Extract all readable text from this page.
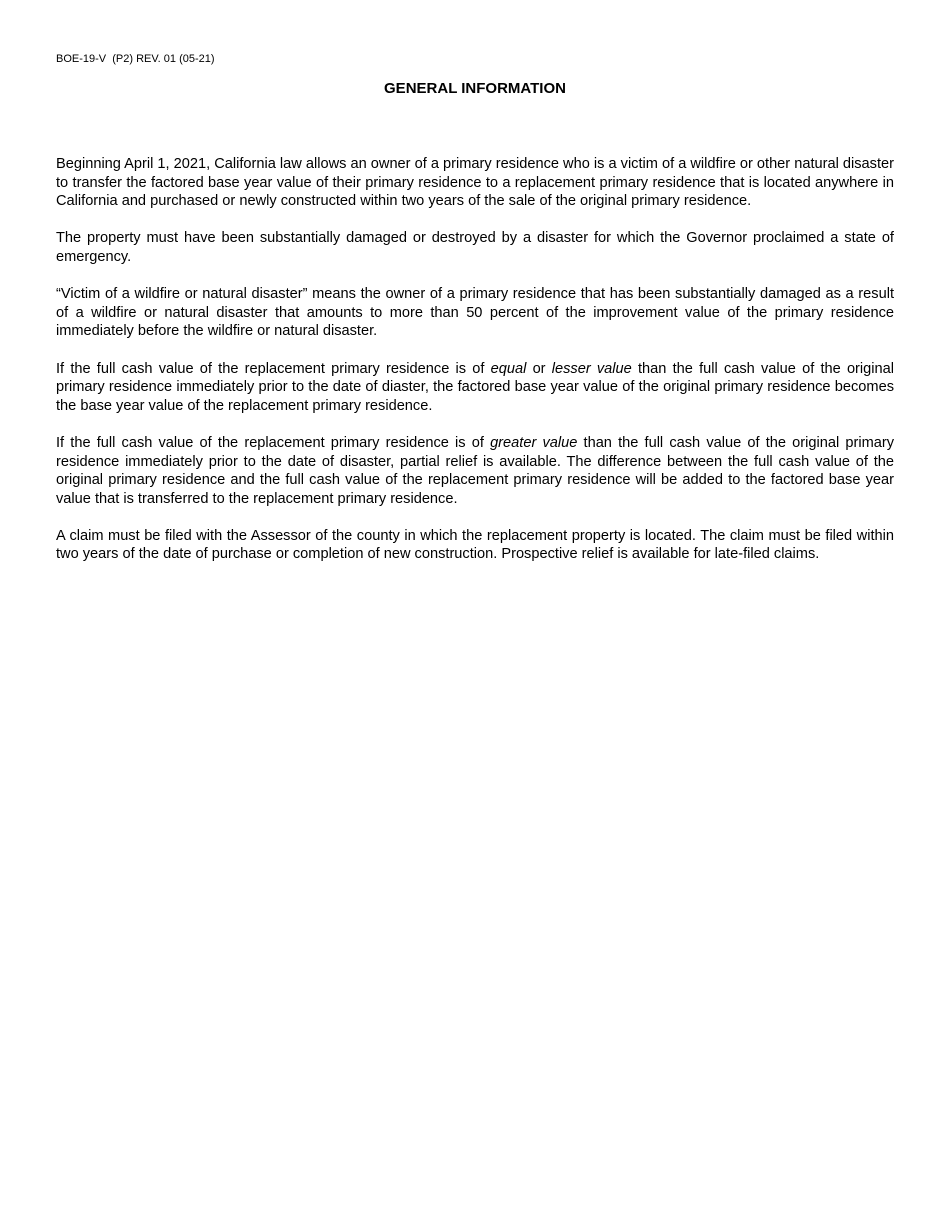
BOE-19-V  (P2) REV. 01 (05-21)
GENERAL INFORMATION

Beginning April 1, 2021, California law allows an owner of a primary residence who is a victim of a wildfire or other natural disaster to transfer the factored base year value of their primary residence to a replacement primary residence that is located anywhere in California and purchased or newly constructed within two years of the sale of the original primary residence.

The property must have been substantially damaged or destroyed by a disaster for which the Governor proclaimed a state of emergency.

“Victim of a wildfire or natural disaster” means the owner of a primary residence that has been substantially damaged as a result of a wildfire or natural disaster that amounts to more than 50 percent of the improvement value of the primary residence immediately before the wildfire or natural disaster.

If the full cash value of the replacement primary residence is of equal or lesser value than the full cash value of the original primary residence immediately prior to the date of diaster, the factored base year value of the original primary residence becomes the base year value of the replacement primary residence.

If the full cash value of the replacement primary residence is of greater value than the full cash value of the original primary residence immediately prior to the date of disaster, partial relief is available. The difference between the full cash value of the original primary residence and the full cash value of the replacement primary residence will be added to the factored base year value that is transferred to the replacement primary residence.

A claim must be filed with the Assessor of the county in which the replacement property is located. The claim must be filed within two years of the date of purchase or completion of new construction. Prospective relief is available for late-filed claims.
